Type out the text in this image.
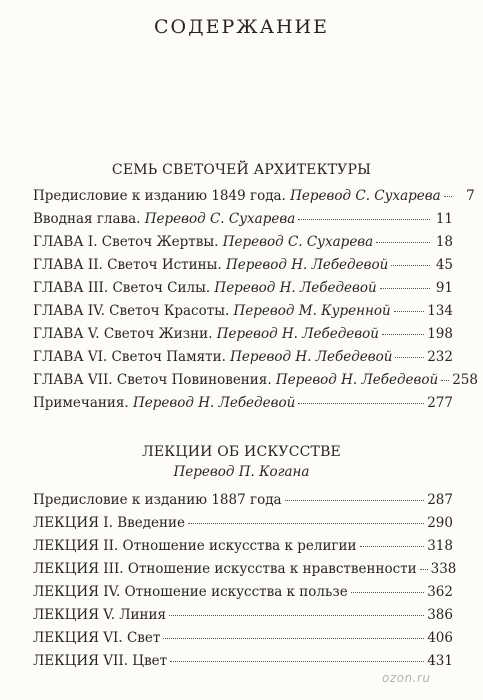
СОДЕРЖАНИЕ
СЕМЬ СВЕТОЧЕЙ АРХИТЕКТУРЫ
Предисловие к изданию 1849 года. Перевод С. Сухарева	7
Вводная глава. Перевод С. Сухарева	11
ГЛАВА I. Светоч Жертвы. Перевод С. Сухарева	18
ГЛАВА II. Светоч Истины. Перевод Н. Лебедевой	45
ГЛАВА III. Светоч Силы. Перевод Н. Лебедевой	91
ГЛАВА IV. Светоч Красоты. Перевод М. Куренной	134
ГЛАВА V. Светоч Жизни. Перевод Н. Лебедевой	198
ГЛАВА VI. Светоч Памяти. Перевод Н. Лебедевой	232
ГЛАВА VII. Светоч Повиновения. Перевод Н. Лебедевой 258
Примечания. Перевод Н. Лебедевой	277
ЛЕКЦИИ ОБ ИСКУССТВЕ
Перевод П. Когана
Предисловие к изданию 1887 года	287
ЛЕКЦИЯ I. Введение	290
ЛЕКЦИЯ II. Отношение искусства к религии	318
ЛЕКЦИЯ III. Отношение искусства к нравственности 338
ЛЕКЦИЯ IV. Отношение искусства к пользе	362
ЛЕКЦИЯ V. Линия	386
ЛЕКЦИЯ VI. Свет	406
ЛЕКЦИЯ VII. Цвет	431
ozon.ru
